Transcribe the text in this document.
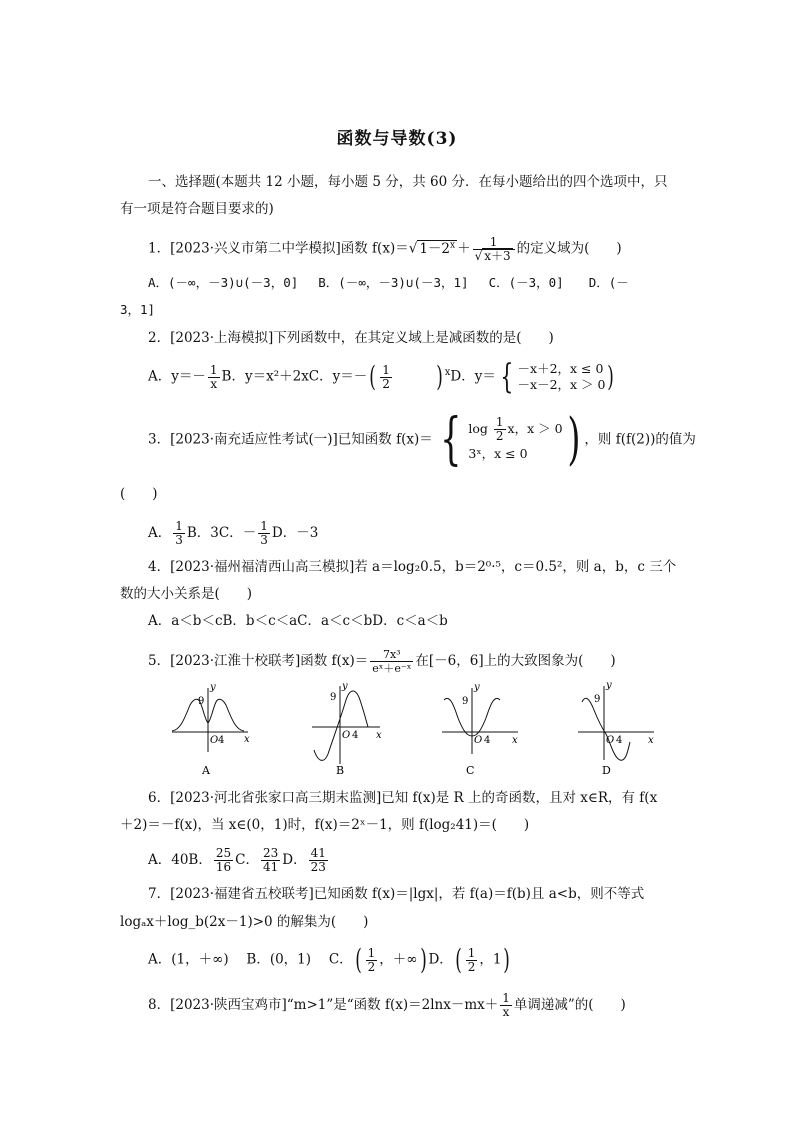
函数与导数(3)
一、选择题(本题共 12 小题，每小题 5 分，共 60 分．在每小题给出的四个选项中，只
有一项是符合题目要求的)
1．[2023·兴义市第二中学模拟]函数 f(x)＝√ $1-2^x + \frac{1}{√ x+3}$ 的定义域为(　　)
A．(－∞，－3)∪(－3，0]　 B．(－∞，－3)∪(－3，1]　 C．(－3，0]　　D．(－
3，1]
2．[2023·上海模拟]下列函数中，在其定义域上是减函数的是(　　)
A．$y=- \frac{1}{x}$ B．y＝x²＋2xC．$y=-( \frac{1}{2}$ ) $^x$D．y＝ { －x＋2，x ≤ 0
－x－2，x ＞ 0 )
3．[2023·南充适应性考试(一)]已知函数 f(x)＝ { $\log \frac{1}{2}$ x，x ＞ 0
3ˣ，x ≤ 0 ) ，则 f(f(2))的值为
(　　)
A． $\frac{1}{3}$ B．3C．－ $\frac{1}{3}$ D．－3
4．[2023·福州福清西山高三模拟]若 a＝log₂0.5，b＝2⁰·⁵，c＝0.5²，则 a，b，c 三个
数的大小关系是(　　)
A．a＜b＜cB．b＜c＜aC．a＜c＜bD．c＜a＜b
5．[2023·江淮十校联考]函数 $f(x)= \frac{\text{7x³}}{\text{eˣ＋e⁻ˣ}}$ 在[－6，6]上的大致图象为(　　)
9
y
x
O 4
A
9
y
x
O 4
B
9
y
x
O 4
C
9
y
x
O 4
D
6．[2023·河北省张家口高三期末监测]已知 f(x)是 R 上的奇函数，且对 x∈R，有 f(x
＋2)＝－f(x)，当 x∈(0，1)时，f(x)＝2ˣ－1，则 f(log₂41)＝(　　)
A．40B． $\frac{25}{16}$ C． $\frac{23}{41}$ D． $\frac{41}{23}$
7．[2023·福建省五校联考]已知函数 f(x)＝|lgx|，若 f(a)＝f(b)且 a<b，则不等式
logₐx＋log_b(2x－1)>0 的解集为(　　)
A．(1，＋∞)　 B．(0，1)　 C．( $\frac{1}{2}$ ，＋∞) D．( $\frac{1}{2}$ ，1)
8．[2023·陕西宝鸡市]“m>1”是“函数 $f(x)=2\ln x-mx+ \frac{1}{x}$ 单调递减”的(　　)
